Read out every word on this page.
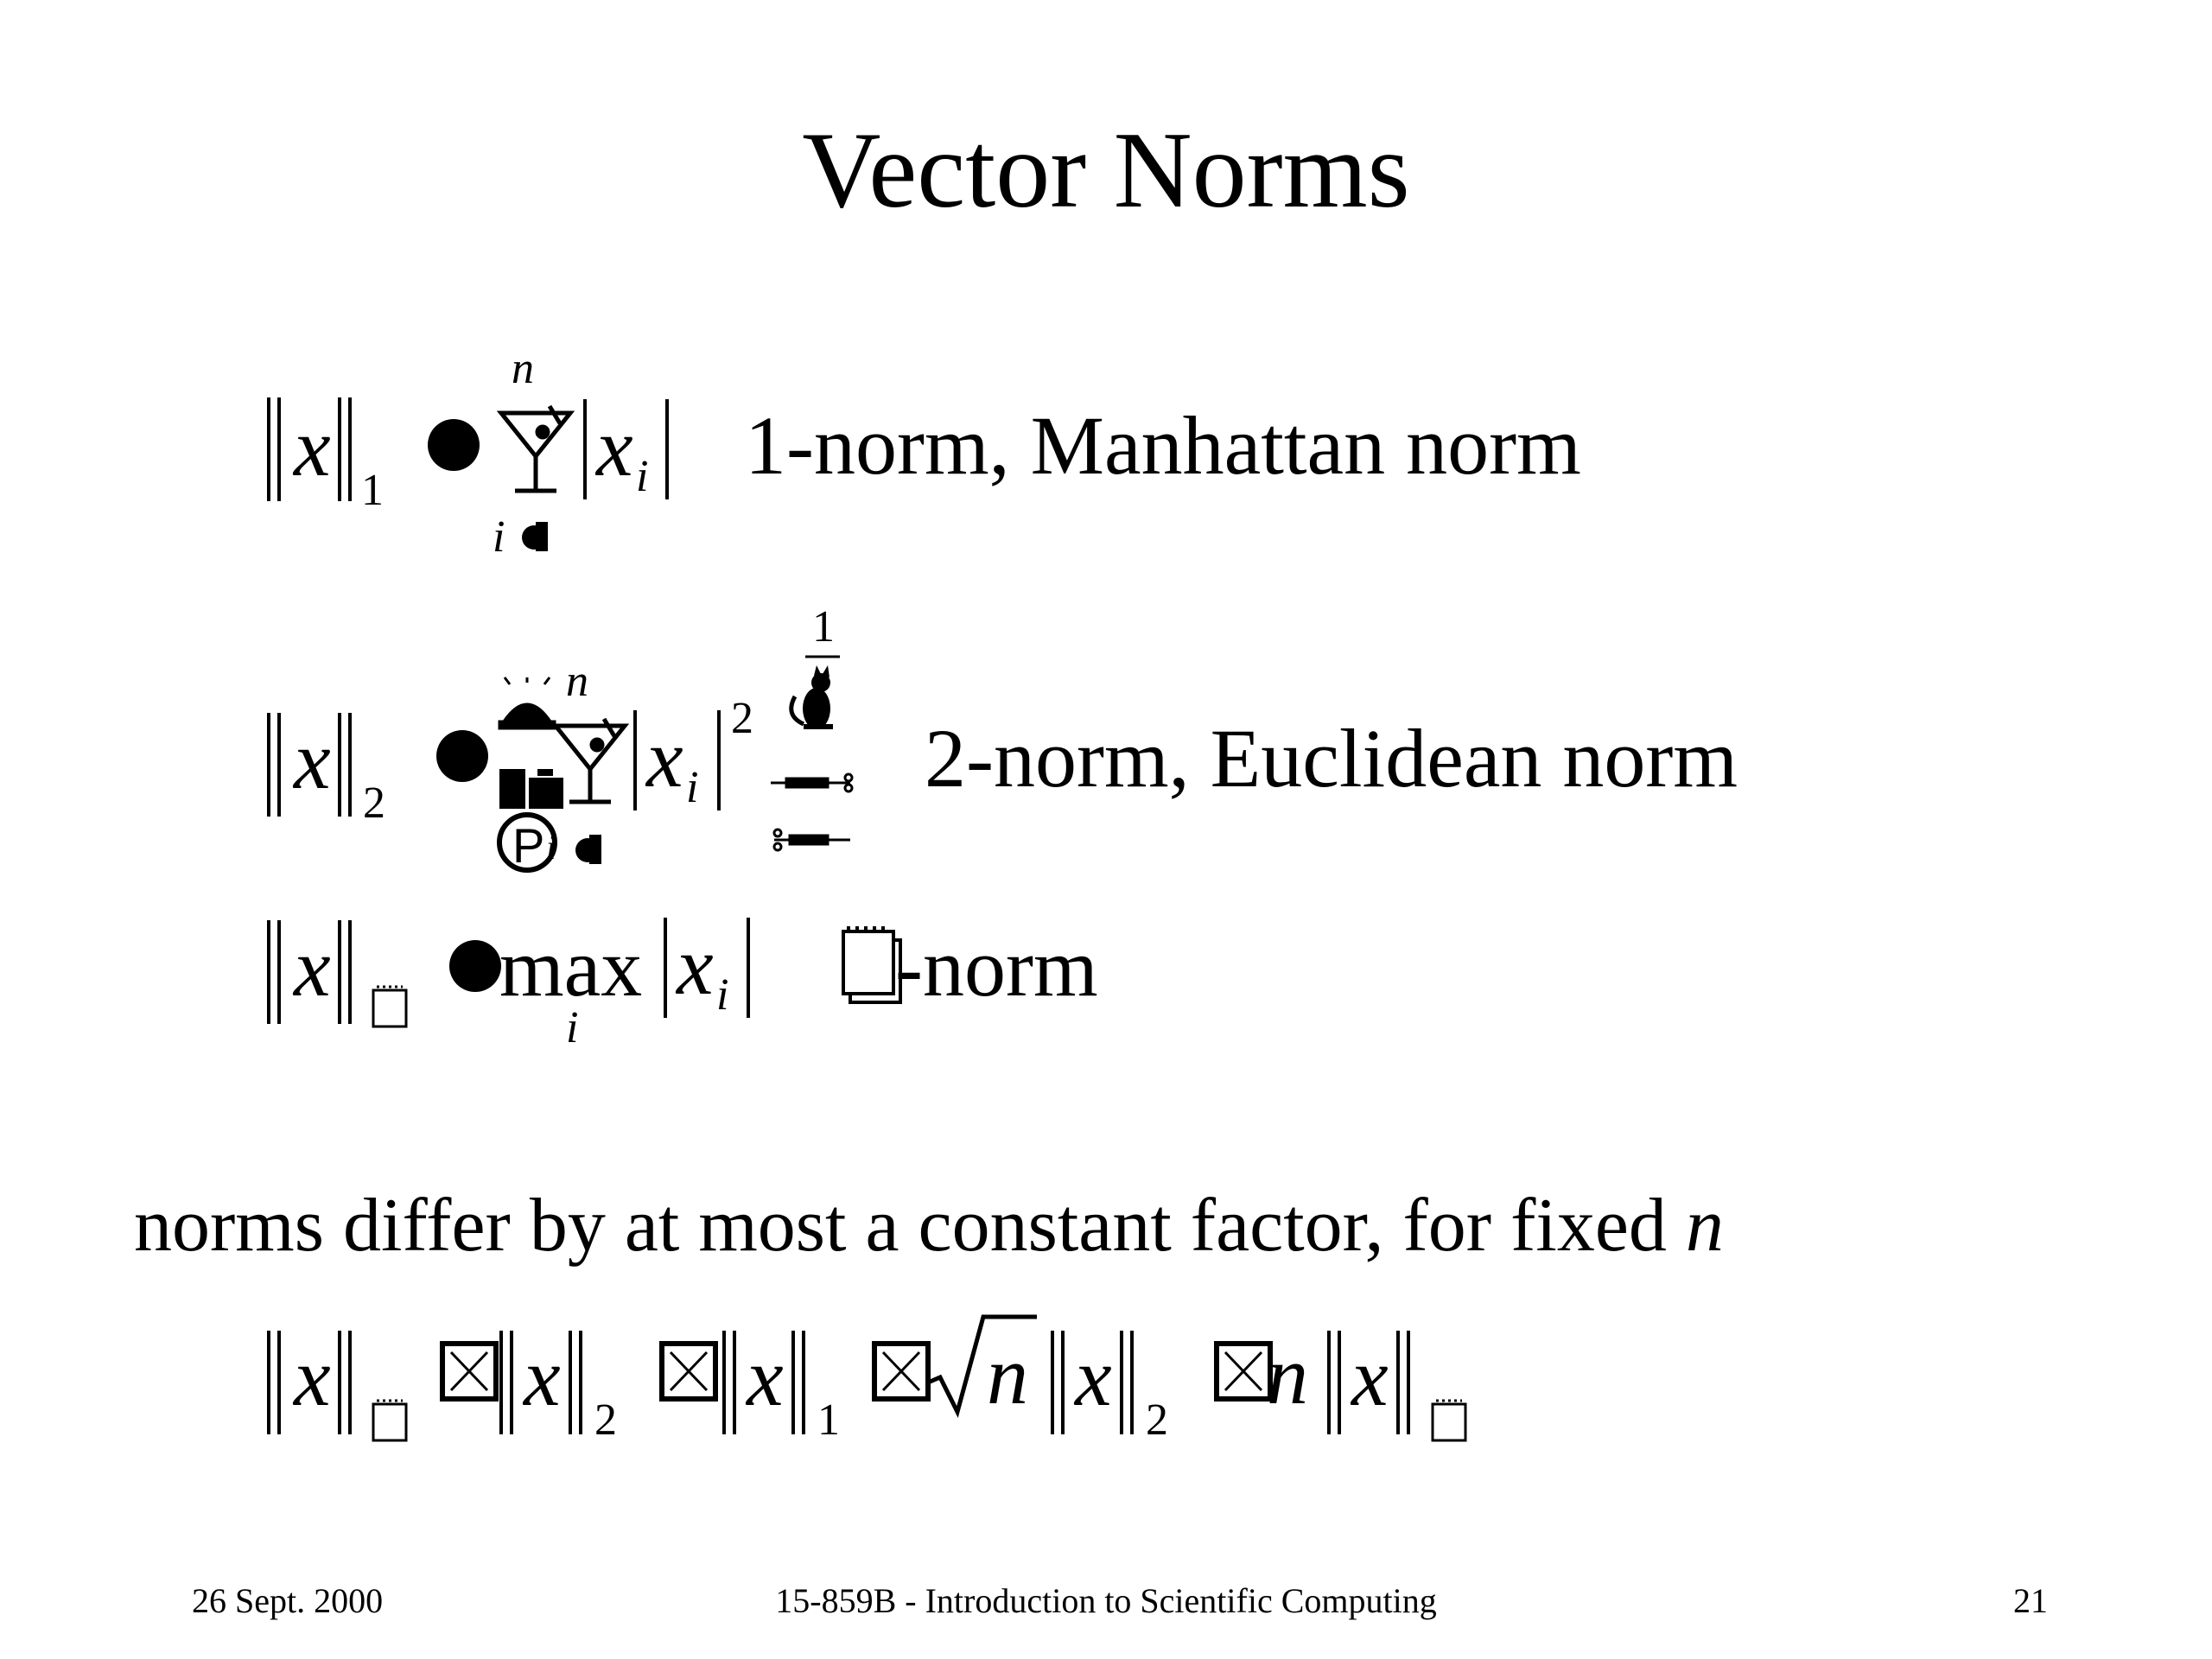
Vector Norms
x 1
n
i
x i 1-norm, Manhattan norm
x 2
P i
n
x i
2
1
2-norm, Euclidean norm
x max
i
x i -norm
norms differ by at most a constant factor, for fixed n
x x 2 x 1 n x 2 n x
26 Sept. 2000	15-859B - Introduction to Scientific Computing	21
